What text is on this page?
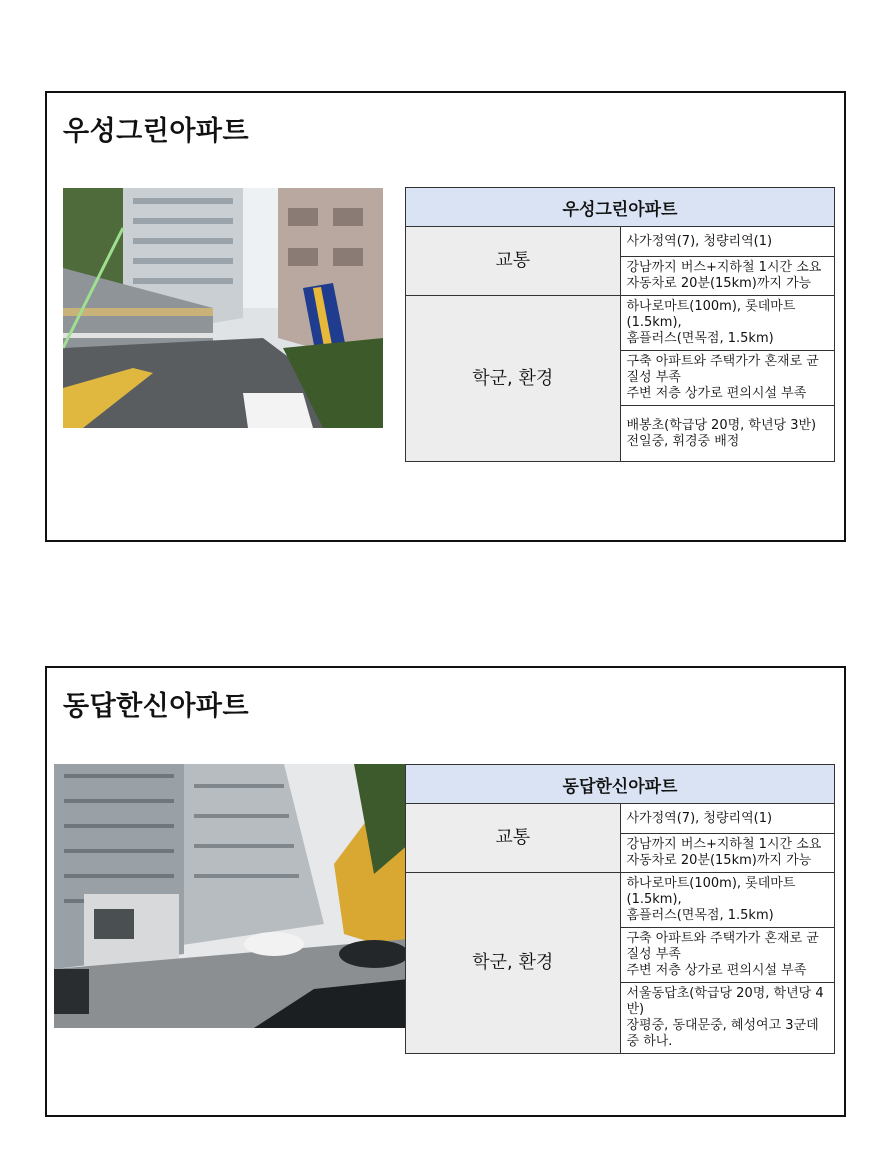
우성그린아파트
우성그린아파트	
교통	사가정역(7), 청량리역(1)
	강남까지 버스+지하철 1시간 소요
자동차로 20분(15km)까지 가능
학군, 환경	하나로마트(100m), 롯데마트(1.5km),
홈플러스(면목점, 1.5km)
	구축 아파트와 주택가가 혼재로 균질성 부족
주변 저층 상가로 편의시설 부족
	배봉초(학급당 20명, 학년당 3반)
전일중, 휘경중 배정
동답한신아파트
동답한신아파트	
교통	사가정역(7), 청량리역(1)
	강남까지 버스+지하철 1시간 소요
자동차로 20분(15km)까지 가능
학군, 환경	하나로마트(100m), 롯데마트(1.5km),
홈플러스(면목점, 1.5km)
	구축 아파트와 주택가가 혼재로 균질성 부족
주변 저층 상가로 편의시설 부족
	서울동답초(학급당 20명, 학년당 4반)
장평중, 동대문중, 혜성여고 3군데 중 하나.
